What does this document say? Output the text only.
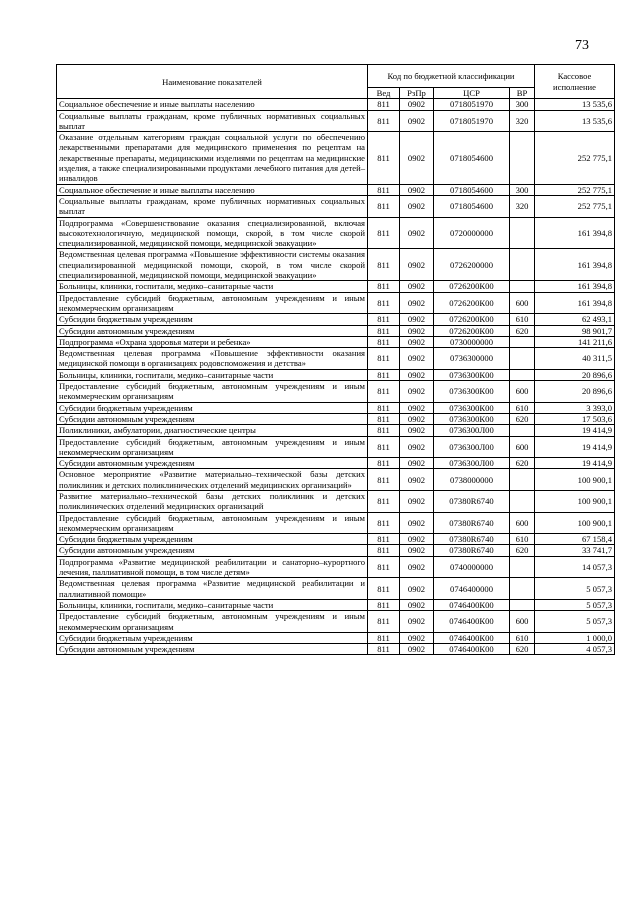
73
Наименование показателей	Код по бюджетной классификации				Кассовое исполнение
	Вед	РзПр	ЦСР	ВР	
Социальное обеспечение и иные выплаты населению	811	0902	0718051970	300	13 535,6
Социальные выплаты гражданам, кроме публичных нормативных социальных выплат	811	0902	0718051970	320	13 535,6
Оказание отдельным категориям граждан социальной услуги по обеспечению лекарственными препаратами для медицинского применения по рецептам на лекарственные препараты, медицинскими изделиями по рецептам на медицинские изделия, а также специализированными продуктами лечебного питания для детей–инвалидов	811	0902	0718054600		252 775,1
Социальное обеспечение и иные выплаты населению	811	0902	0718054600	300	252 775,1
Социальные выплаты гражданам, кроме публичных нормативных социальных выплат	811	0902	0718054600	320	252 775,1
Подпрограмма «Совершенствование оказания специализированной, включая высокотехнологичную, медицинской помощи, скорой, в том числе скорой специализированной, медицинской помощи, медицинской эвакуации»	811	0902	0720000000		161 394,8
Ведомственная целевая программа «Повышение эффективности системы оказания специализированной медицинской помощи, скорой, в том числе скорой специализированной, медицинской помощи, медицинской эвакуации»	811	0902	0726200000		161 394,8
Больницы, клиники, госпитали, медико–санитарные части	811	0902	0726200К00		161 394,8
Предоставление субсидий бюджетным, автономным учреждениям и иным некоммерческим организациям	811	0902	0726200К00	600	161 394,8
Субсидии бюджетным учреждениям	811	0902	0726200К00	610	62 493,1
Субсидии автономным учреждениям	811	0902	0726200К00	620	98 901,7
Подпрограмма «Охрана здоровья матери и ребенка»	811	0902	0730000000		141 211,6
Ведомственная целевая программа «Повышение эффективности оказания медицинской помощи в организациях родовспоможения и детства»	811	0902	0736300000		40 311,5
Больницы, клиники, госпитали, медико–санитарные части	811	0902	0736300К00		20 896,6
Предоставление субсидий бюджетным, автономным учреждениям и иным некоммерческим организациям	811	0902	0736300К00	600	20 896,6
Субсидии бюджетным учреждениям	811	0902	0736300К00	610	3 393,0
Субсидии автономным учреждениям	811	0902	0736300К00	620	17 503,6
Поликлиники, амбулатории, диагностические центры	811	0902	0736300Л00		19 414,9
Предоставление субсидий бюджетным, автономным учреждениям и иным некоммерческим организациям	811	0902	0736300Л00	600	19 414,9
Субсидии автономным учреждениям	811	0902	0736300Л00	620	19 414,9
Основное мероприятие «Развитие материально–технической базы детских поликлиник и детских поликлинических отделений медицинских организаций»	811	0902	0738000000		100 900,1
Развитие материально–технической базы детских поликлиник и детских поликлинических отделений медицинских организаций	811	0902	07380R6740		100 900,1
Предоставление субсидий бюджетным, автономным учреждениям и иным некоммерческим организациям	811	0902	07380R6740	600	100 900,1
Субсидии бюджетным учреждениям	811	0902	07380R6740	610	67 158,4
Субсидии автономным учреждениям	811	0902	07380R6740	620	33 741,7
Подпрограмма «Развитие медицинской реабилитации и санаторно–курортного лечения, паллиативной помощи, в том числе детям»	811	0902	0740000000		14 057,3
Ведомственная целевая программа «Развитие медицинской реабилитации и паллиативной помощи»	811	0902	0746400000		5 057,3
Больницы, клиники, госпитали, медико–санитарные части	811	0902	0746400К00		5 057,3
Предоставление субсидий бюджетным, автономным учреждениям и иным некоммерческим организациям	811	0902	0746400К00	600	5 057,3
Субсидии бюджетным учреждениям	811	0902	0746400К00	610	1 000,0
Субсидии автономным учреждениям	811	0902	0746400К00	620	4 057,3
